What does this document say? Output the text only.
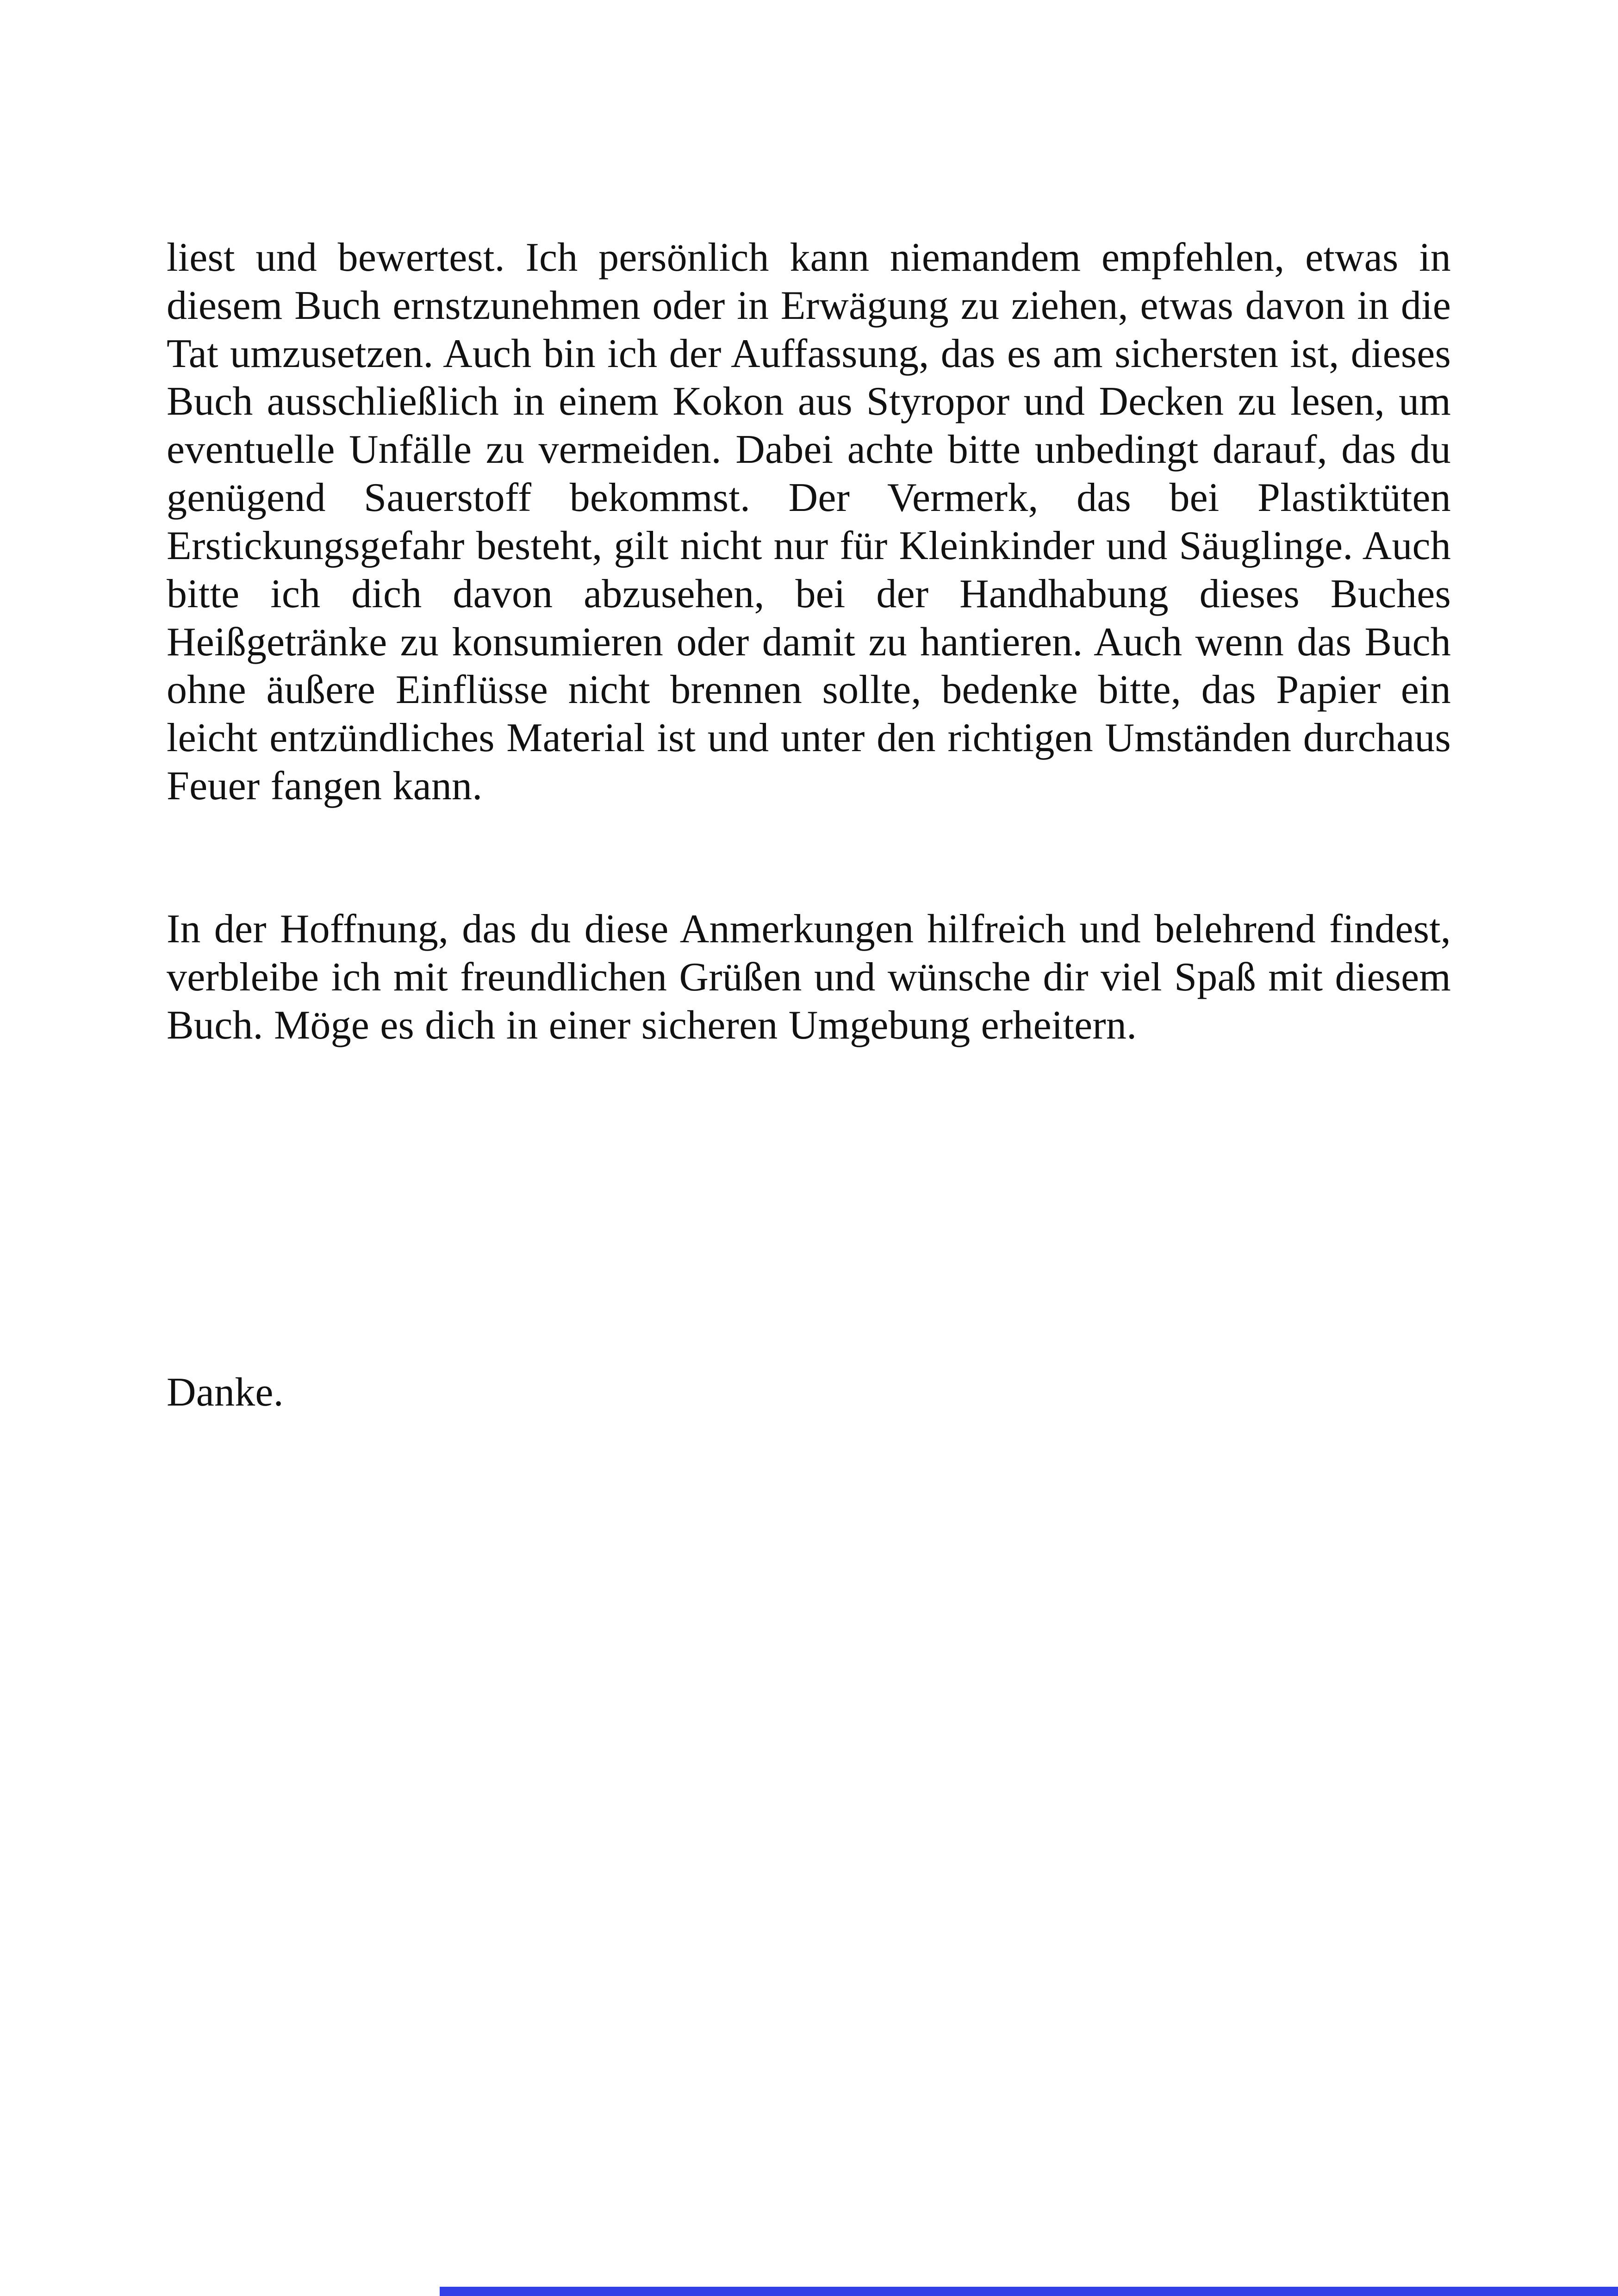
liest und bewertest. Ich persönlich kann niemandem empfehlen, etwas in diesem Buch ernstzunehmen oder in Erwägung zu ziehen, etwas davon in die Tat umzusetzen. Auch bin ich der Auffassung, das es am sichersten ist, dieses Buch ausschließlich in einem Kokon aus Styropor und Decken zu lesen, um eventuelle Unfälle zu vermeiden. Dabei achte bitte unbedingt darauf, das du genügend Sauerstoff bekommst. Der Vermerk, das bei Plastiktüten Erstickungsgefahr besteht, gilt nicht nur für Kleinkinder und Säuglinge. Auch bitte ich dich davon abzusehen, bei der Handhabung dieses Buches Heißgetränke zu konsumieren oder damit zu hantieren. Auch wenn das Buch ohne äußere Einflüsse nicht brennen sollte, bedenke bitte, das Papier ein leicht entzündliches Material ist und unter den richtigen Umständen durchaus Feuer fangen kann.

In der Hoffnung, das du diese Anmerkungen hilfreich und belehrend findest, verbleibe ich mit freundlichen Grüßen und wünsche dir viel Spaß mit diesem Buch. Möge es dich in einer sicheren Umgebung erheitern.

Danke.
